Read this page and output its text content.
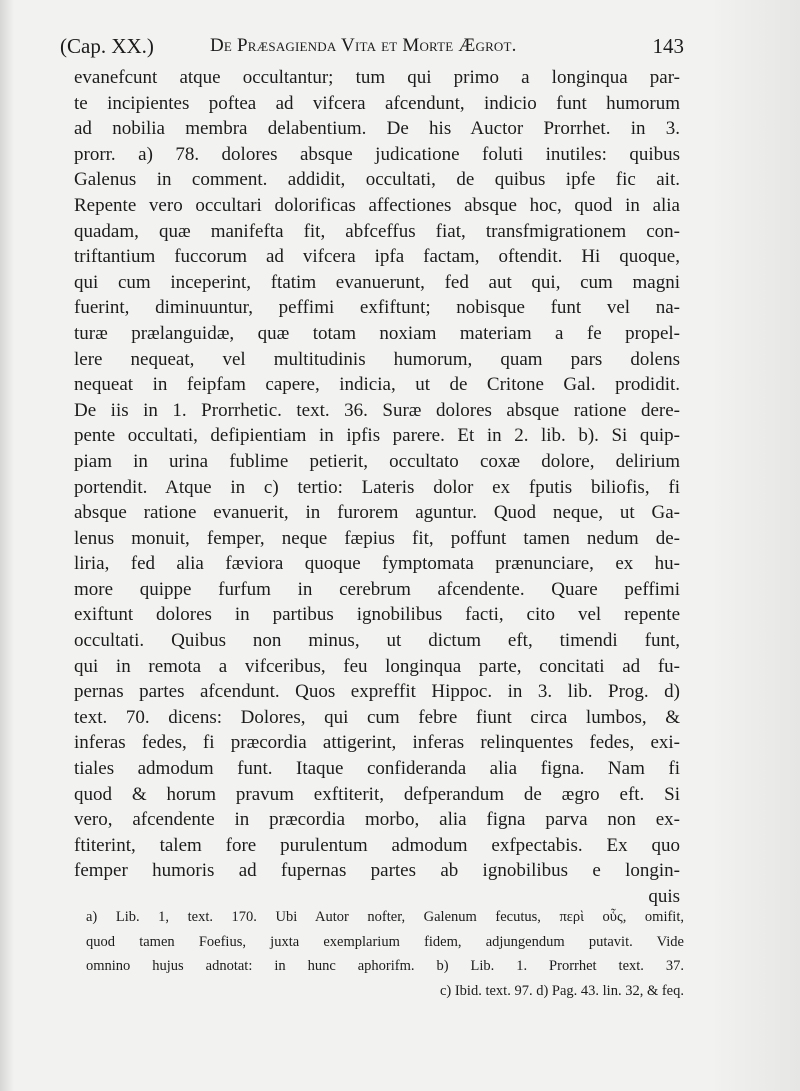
(Cap. XX.)	De Præsagienda Vita et Morte Ægrot.	143
evanefcunt atque occultantur; tum qui primo a longinqua par-
te incipientes poftea ad vifcera afcendunt, indicio funt humorum
ad nobilia membra delabentium. De his Auctor Prorrhet. in 3.
prorr. a) 78. dolores absque judicatione foluti inutiles: quibus
Galenus in comment. addidit, occultati, de quibus ipfe fic ait.
Repente vero occultari dolorificas affectiones absque hoc, quod in alia
quadam, quæ manifefta fit, abfceffus fiat, transfmigrationem con-
triftantium fuccorum ad vifcera ipfa factam, oftendit. Hi quoque,
qui cum inceperint, ftatim evanuerunt, fed aut qui, cum magni
fuerint, diminuuntur, peffimi exfiftunt; nobisque funt vel na-
turæ prælanguidæ, quæ totam noxiam materiam a fe propel-
lere nequeat, vel multitudinis humorum, quam pars dolens
nequeat in feipfam capere, indicia, ut de Critone Gal. prodidit.
De iis in 1. Prorrhetic. text. 36. Suræ dolores absque ratione dere-
pente occultati, defipientiam in ipfis parere. Et in 2. lib. b). Si quip-
piam in urina fublime petierit, occultato coxæ dolore, delirium
portendit. Atque in c) tertio: Lateris dolor ex fputis biliofis, fi
absque ratione evanuerit, in furorem aguntur. Quod neque, ut Ga-
lenus monuit, femper, neque fæpius fit, poffunt tamen nedum de-
liria, fed alia fæviora quoque fymptomata prænunciare, ex hu-
more quippe furfum in cerebrum afcendente. Quare peffimi
exiftunt dolores in partibus ignobilibus facti, cito vel repente
occultati. Quibus non minus, ut dictum eft, timendi funt,
qui in remota a vifceribus, feu longinqua parte, concitati ad fu-
pernas partes afcendunt. Quos expreffit Hippoc. in 3. lib. Prog. d)
text. 70. dicens: Dolores, qui cum febre fiunt circa lumbos, &
inferas fedes, fi præcordia attigerint, inferas relinquentes fedes, exi-
tiales admodum funt. Itaque confideranda alia figna. Nam fi
quod & horum pravum exftiterit, defperandum de ægro eft. Si
vero, afcendente in præcordia morbo, alia figna parva non ex-
ftiterint, talem fore purulentum admodum exfpectabis. Ex quo
femper humoris ad fupernas partes ab ignobilibus e longin-
quis
a) Lib. 1, text. 170. Ubi Autor nofter, Galenum fecutus, περὶ οὗς, omifit,
quod tamen Foefius, juxta exemplarium fidem, adjungendum putavit. Vide
omnino hujus adnotat: in hunc aphorifm. b) Lib. 1. Prorrhet text. 37.
c) Ibid. text. 97. d) Pag. 43. lin. 32, & feq.
